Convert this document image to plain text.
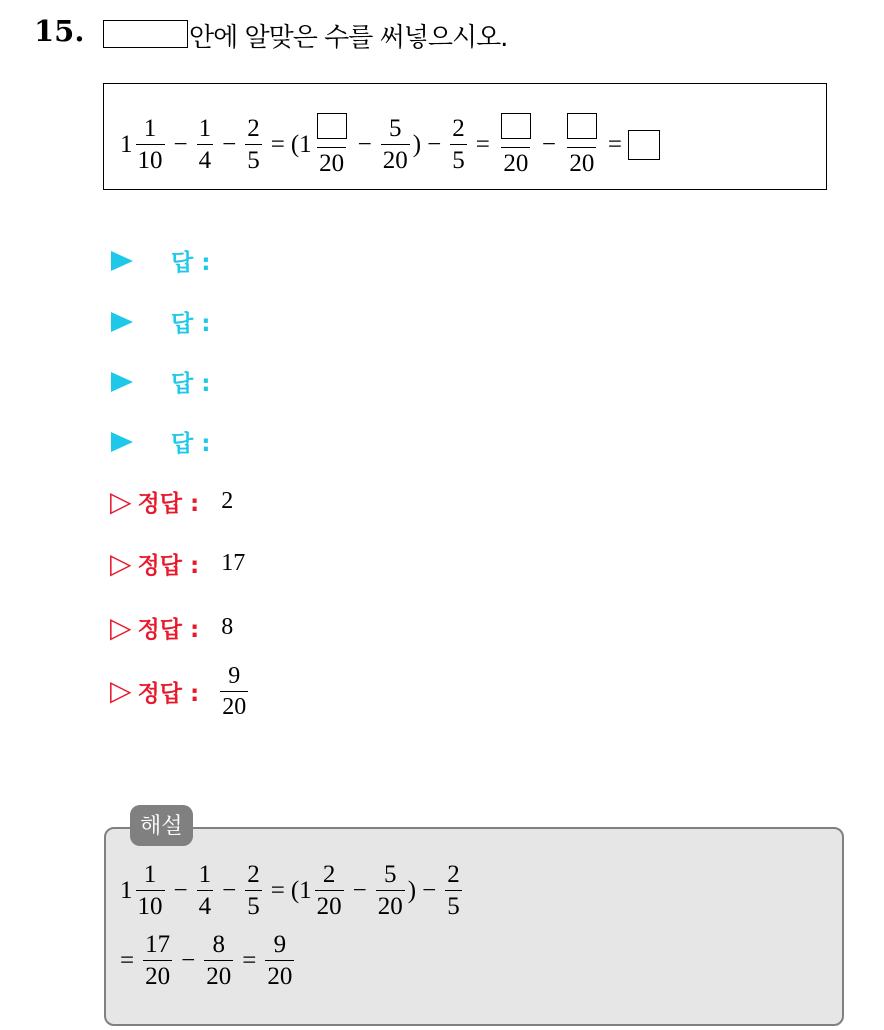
15.	안에 알맞은 수를 써넣으시오.
$1 \frac{1}{10} - \frac{1}{4} - \frac{2}{5} = (1$
20
− $\frac{5}{20}$ ) − $\frac{2}{5}$ =
20
−
20
=
답 :
답 :
답 :
답 :
▷ 정답 : 2
▷ 정답 : 17
▷ 정답 : 8
▷ 정답 : $\frac{9}{20}$
해설
$1 \frac{1}{10} - \frac{1}{4} - \frac{2}{5} = (1 \frac{2}{20} - \frac{5}{20}$ ) − $\frac{2}{5}$
= $\frac{17}{20} - \frac{8}{20} = \frac{9}{20}$
